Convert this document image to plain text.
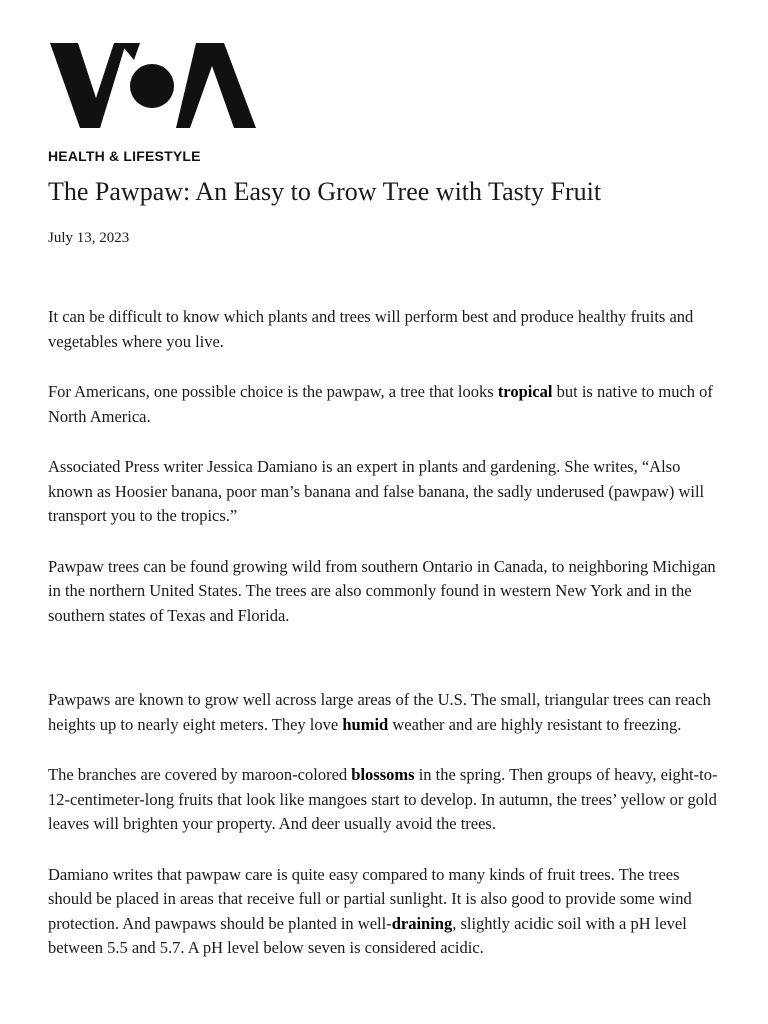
HEALTH & LIFESTYLE
The Pawpaw: An Easy to Grow Tree with Tasty Fruit
July 13, 2023

It can be difficult to know which plants and trees will perform best and produce healthy fruits and vegetables where you live.

For Americans, one possible choice is the pawpaw, a tree that looks tropical but is native to much of North America.

Associated Press writer Jessica Damiano is an expert in plants and gardening. She writes, “Also known as Hoosier banana, poor man’s banana and false banana, the sadly underused (pawpaw) will transport you to the tropics.”

Pawpaw trees can be found growing wild from southern Ontario in Canada, to neighboring Michigan in the northern United States. The trees are also commonly found in western New York and in the southern states of Texas and Florida.

Pawpaws are known to grow well across large areas of the U.S. The small, triangular trees can reach heights up to nearly eight meters. They love humid weather and are highly resistant to freezing.

The branches are covered by maroon-colored blossoms in the spring. Then groups of heavy, eight-to-12-centimeter-long fruits that look like mangoes start to develop. In autumn, the trees’ yellow or gold leaves will brighten your property. And deer usually avoid the trees.

Damiano writes that pawpaw care is quite easy compared to many kinds of fruit trees. The trees should be placed in areas that receive full or partial sunlight. It is also good to provide some wind protection. And pawpaws should be planted in well-draining, slightly acidic soil with a pH level between 5.5 and 5.7. A pH level below seven is considered acidic.
